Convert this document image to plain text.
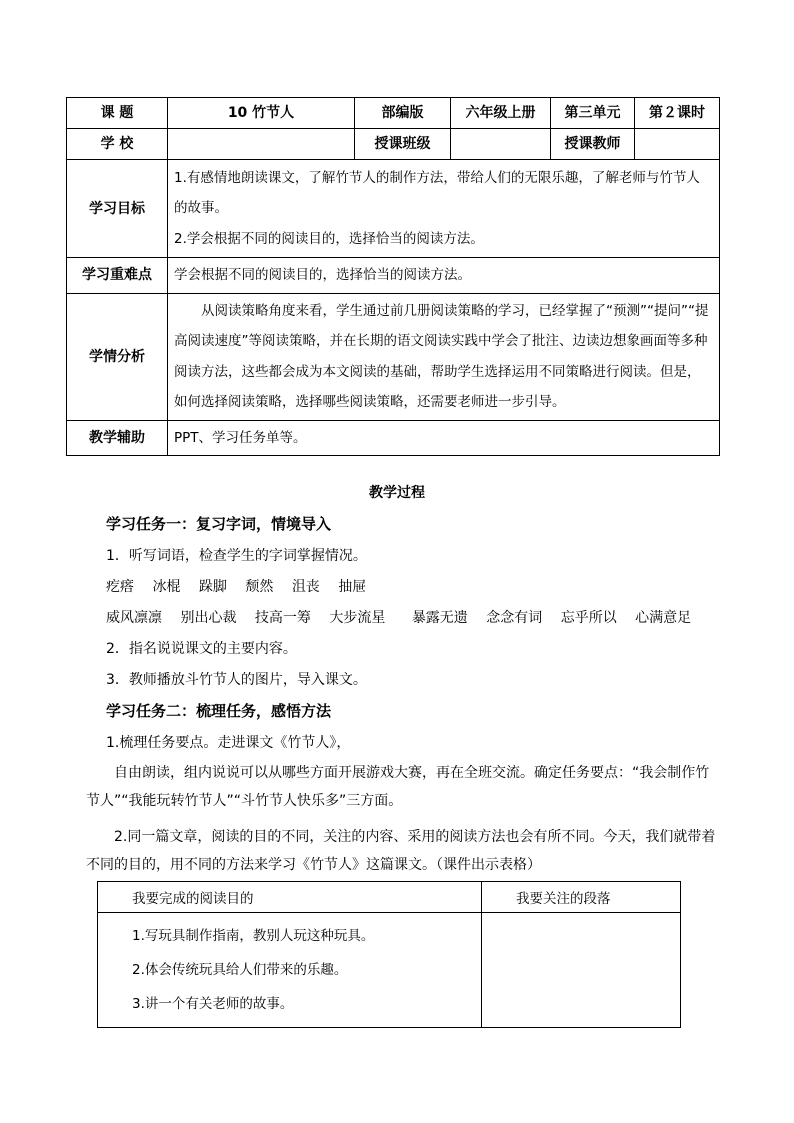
课 题	10 竹节人	部编版	六年级上册	第三单元	第２课时
学 校		授课班级		授课教师	
学习目标	1.有感情地朗读课文，了解竹节人的制作方法，带给人们的无限乐趣，了解老师与竹节人的故事。

2.学会根据不同的阅读目的，选择恰当的阅读方法。				

学习重难点	学会根据不同的阅读目的，选择恰当的阅读方法。				
学情分析	从阅读策略角度来看，学生通过前几册阅读策略的学习，已经掌握了“预测”“提问”“提高阅读速度”等阅读策略，并在长期的语文阅读实践中学会了批注、边读边想象画面等多种阅读方法，这些都会成为本文阅读的基础，帮助学生选择运用不同策略进行阅读。但是，如何选择阅读策略，选择哪些阅读策略，还需要老师进一步引导。				

教学辅助	PPT、学习任务单等。				
教学过程
学习任务一：复习字词，情境导入
1．听写词语，检查学生的字词掌握情况。
疙瘩 冰棍 跺脚 颓然 沮丧 抽屉
威风凛凛 别出心裁 技高一筹 大步流星 暴露无遗 念念有词 忘乎所以 心满意足
2．指名说说课文的主要内容。
3．教师播放斗竹节人的图片，导入课文。
学习任务二：梳理任务，感悟方法
1.梳理任务要点。走进课文《竹节人》，

自由朗读，组内说说可以从哪些方面开展游戏大赛，再在全班交流。确定任务要点：“我会制作竹节人”“我能玩转竹节人”“斗竹节人快乐多”三方面。

2.同一篇文章，阅读的目的不同，关注的内容、采用的阅读方法也会有所不同。今天，我们就带着不同的目的，用不同的方法来学习《竹节人》这篇课文。（课件出示表格）

我要完成的阅读目的	我要关注的段落

1.写玩具制作指南，教别人玩这种玩具。

2.体会传统玩具给人们带来的乐趣。

3.讲一个有关老师的故事。	
